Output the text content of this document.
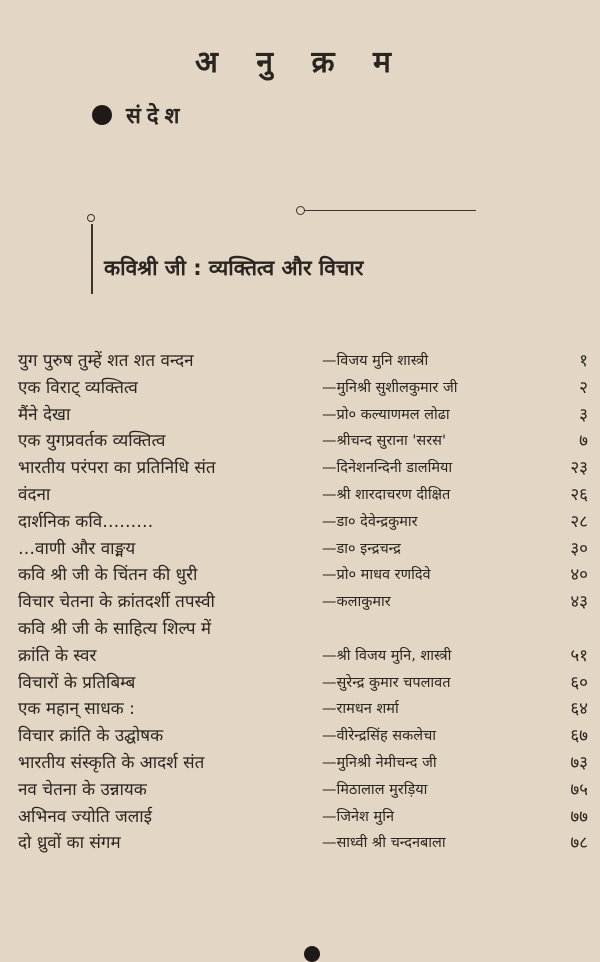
अ नु क्र म
संदेश
कविश्री जी : व्यक्तित्व और विचार
युग पुरुष तुम्हें शत शत वन्दन	—विजय मुनि शास्त्री	१
एक विराट् व्यक्तित्व	—मुनिश्री सुशीलकुमार जी	२
मैंने देखा	—प्रो० कल्याणमल लोढा	३
एक युगप्रवर्तक व्यक्तित्व	—श्रीचन्द सुराना 'सरस'	७
भारतीय परंपरा का प्रतिनिधि संत	—दिनेशनन्दिनी डालमिया	२३
वंदना	—श्री शारदाचरण दीक्षित	२६
दार्शनिक कवि………	—डा० देवेन्द्रकुमार	२८
…वाणी और वाङ्मय	—डा० इन्द्रचन्द्र	३०
कवि श्री जी के चिंतन की धुरी	—प्रो० माधव रणदिवे	४०
विचार चेतना के क्रांतदर्शी तपस्वी	—कलाकुमार	४३
कवि श्री जी के साहित्य शिल्प में
क्रांति के स्वर	—श्री विजय मुनि, शास्त्री	५१
विचारों के प्रतिबिम्ब	—सुरेन्द्र कुमार चपलावत	६०
एक महान् साधक :	—रामधन शर्मा	६४
विचार क्रांति के उद्घोषक	—वीरेन्द्रसिंह सकलेचा	६७
भारतीय संस्कृति के आदर्श संत	—मुनिश्री नेमीचन्द जी	७३
नव चेतना के उन्नायक	—मिठालाल मुरड़िया	७५
अभिनव ज्योति जलाई	—जिनेश मुनि	७७
दो ध्रुवों का संगम	—साध्वी श्री चन्दनबाला	७८
